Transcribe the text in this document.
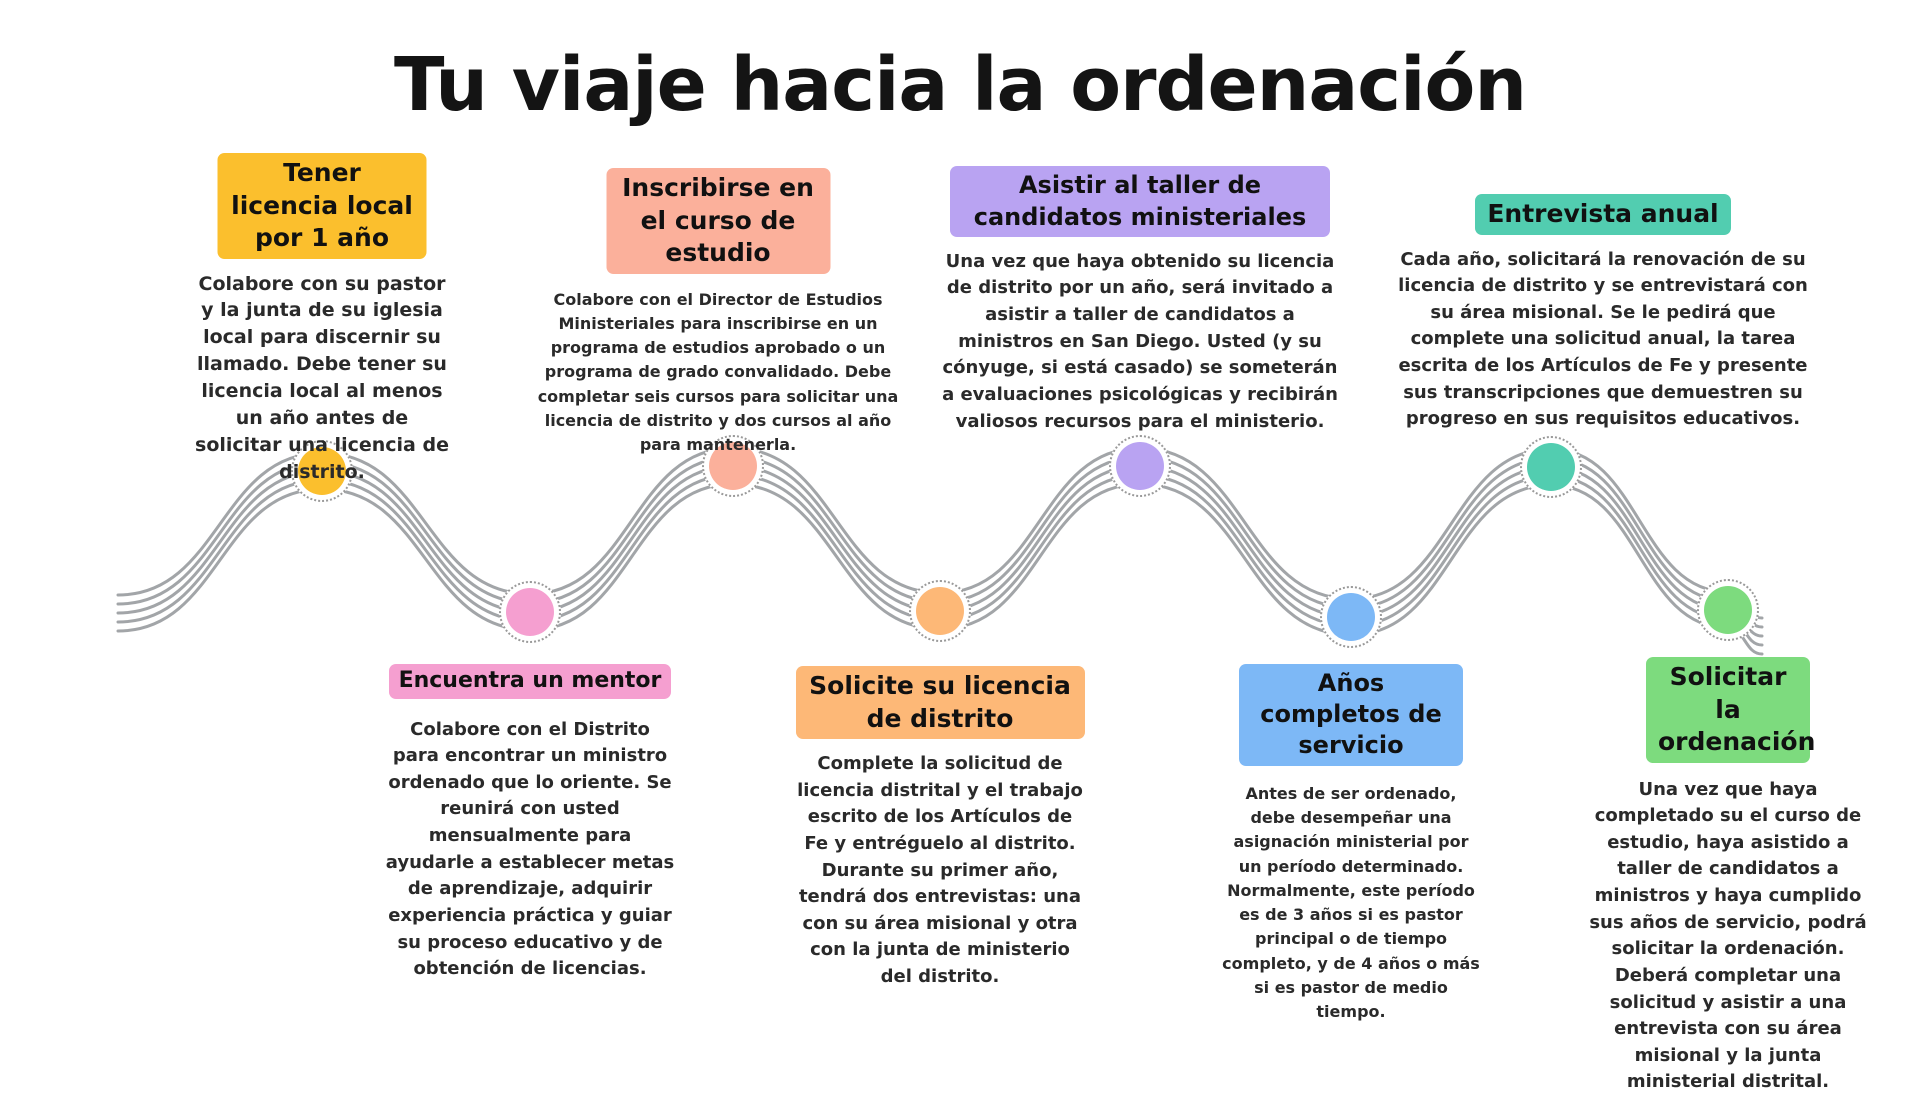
Tu viaje hacia la ordenación
Tener licencia local por 1 año
Colabore con su pastor y la junta de su iglesia local para discernir su llamado. Debe tener su licencia local al menos un año antes de solicitar una licencia de distrito.
Encuentra un mentor
Colabore con el Distrito para encontrar un ministro ordenado que lo oriente. Se reunirá con usted mensualmente para ayudarle a establecer metas de aprendizaje, adquirir experiencia práctica y guiar su proceso educativo y de obtención de licencias.
Inscribirse en el curso de estudio
Colabore con el Director de Estudios Ministeriales para inscribirse en un programa de estudios aprobado o un programa de grado convalidado. Debe completar seis cursos para solicitar una licencia de distrito y dos cursos al año para mantenerla.
Solicite su licencia de distrito
Complete la solicitud de licencia distrital y el trabajo escrito de los Artículos de Fe y entréguelo al distrito. Durante su primer año, tendrá dos entrevistas: una con su área misional y otra con la junta de ministerio del distrito.
Asistir al taller de candidatos ministeriales
Una vez que haya obtenido su licencia de distrito por un año, será invitado a asistir a taller de candidatos a ministros en San Diego. Usted (y su cónyuge, si está casado) se someterán a evaluaciones psicológicas y recibirán valiosos recursos para el ministerio.
Años completos de servicio
Antes de ser ordenado, debe desempeñar una asignación ministerial por un período determinado. Normalmente, este período es de 3 años si es pastor principal o de tiempo completo, y de 4 años o más si es pastor de medio tiempo.
Entrevista anual
Cada año, solicitará la renovación de su licencia de distrito y se entrevistará con su área misional. Se le pedirá que complete una solicitud anual, la tarea escrita de los Artículos de Fe y presente sus transcripciones que demuestren su progreso en sus requisitos educativos.
Solicitar la ordenación
Una vez que haya completado su el curso de estudio, haya asistido a taller de candidatos a ministros y haya cumplido sus años de servicio, podrá solicitar la ordenación. Deberá completar una solicitud y asistir a una entrevista con su área misional y la junta ministerial distrital.
